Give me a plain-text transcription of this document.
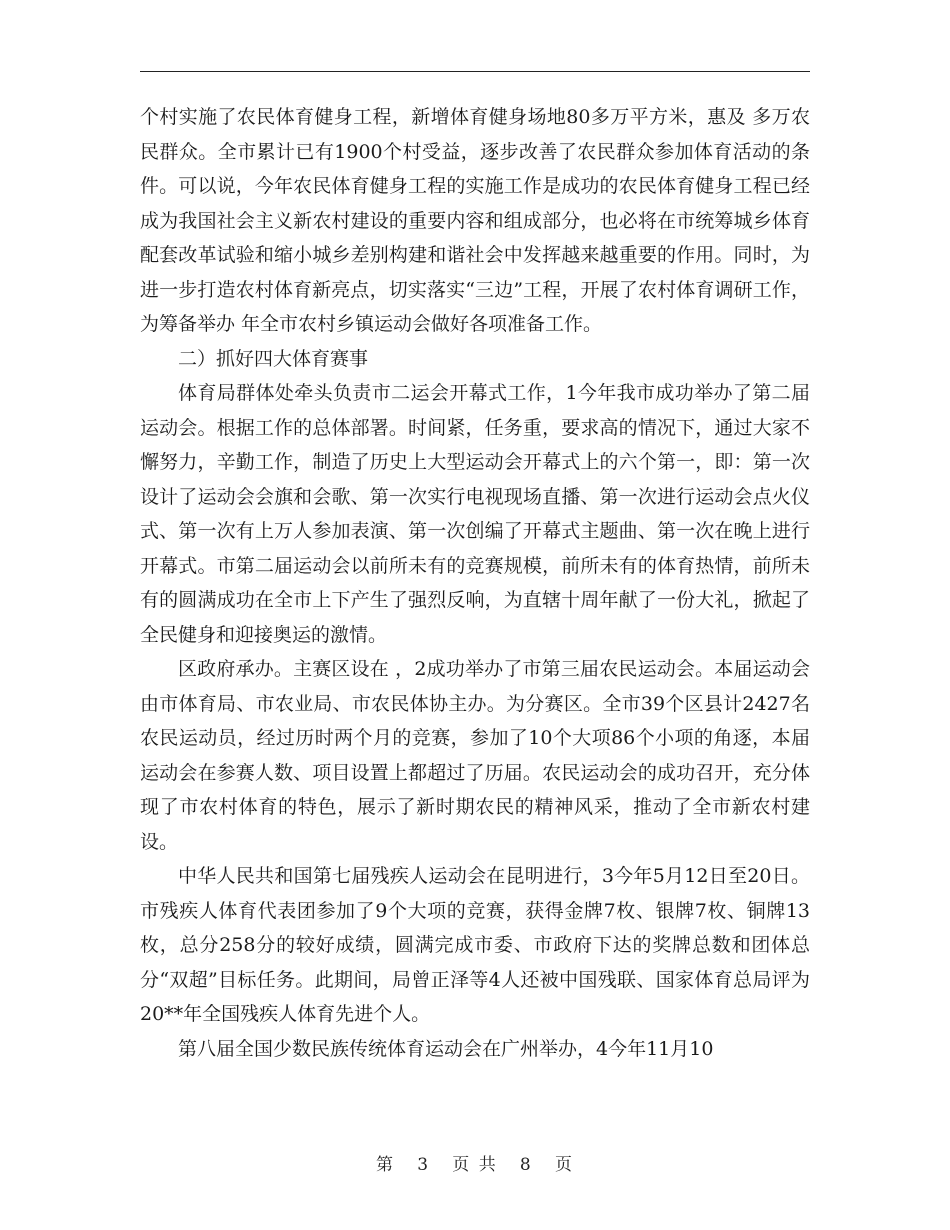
个村实施了农民体育健身工程，新增体育健身场地80多万平方米，惠及 多万农民群众。全市累计已有1900个村受益，逐步改善了农民群众参加体育活动的条件。可以说，今年农民体育健身工程的实施工作是成功的农民体育健身工程已经成为我国社会主义新农村建设的重要内容和组成部分，也必将在市统筹城乡体育配套改革试验和缩小城乡差别构建和谐社会中发挥越来越重要的作用。同时，为进一步打造农村体育新亮点，切实落实“三边”工程，开展了农村体育调研工作，为筹备举办 年全市农村乡镇运动会做好各项准备工作。

二）抓好四大体育赛事

体育局群体处牵头负责市二运会开幕式工作，1今年我市成功举办了第二届运动会。根据工作的总体部署。时间紧，任务重，要求高的情况下，通过大家不懈努力，辛勤工作，制造了历史上大型运动会开幕式上的六个第一，即：第一次设计了运动会会旗和会歌、第一次实行电视现场直播、第一次进行运动会点火仪式、第一次有上万人参加表演、第一次创编了开幕式主题曲、第一次在晚上进行开幕式。市第二届运动会以前所未有的竞赛规模，前所未有的体育热情，前所未有的圆满成功在全市上下产生了强烈反响，为直辖十周年献了一份大礼，掀起了全民健身和迎接奥运的激情。

区政府承办。主赛区设在 ，2成功举办了市第三届农民运动会。本届运动会由市体育局、市农业局、市农民体协主办。为分赛区。全市39个区县计2427名农民运动员，经过历时两个月的竞赛，参加了10个大项86个小项的角逐，本届运动会在参赛人数、项目设置上都超过了历届。农民运动会的成功召开，充分体现了市农村体育的特色，展示了新时期农民的精神风采，推动了全市新农村建设。

中华人民共和国第七届残疾人运动会在昆明进行，3今年5月12日至20日。市残疾人体育代表团参加了9个大项的竞赛，获得金牌7枚、银牌7枚、铜牌13枚，总分258分的较好成绩，圆满完成市委、市政府下达的奖牌总数和团体总分“双超”目标任务。此期间，局曾正泽等4人还被中国残联、国家体育总局评为20**年全国残疾人体育先进个人。

第八届全国少数民族传统体育运动会在广州举办，4今年11月10

第 3 页 共 8 页
